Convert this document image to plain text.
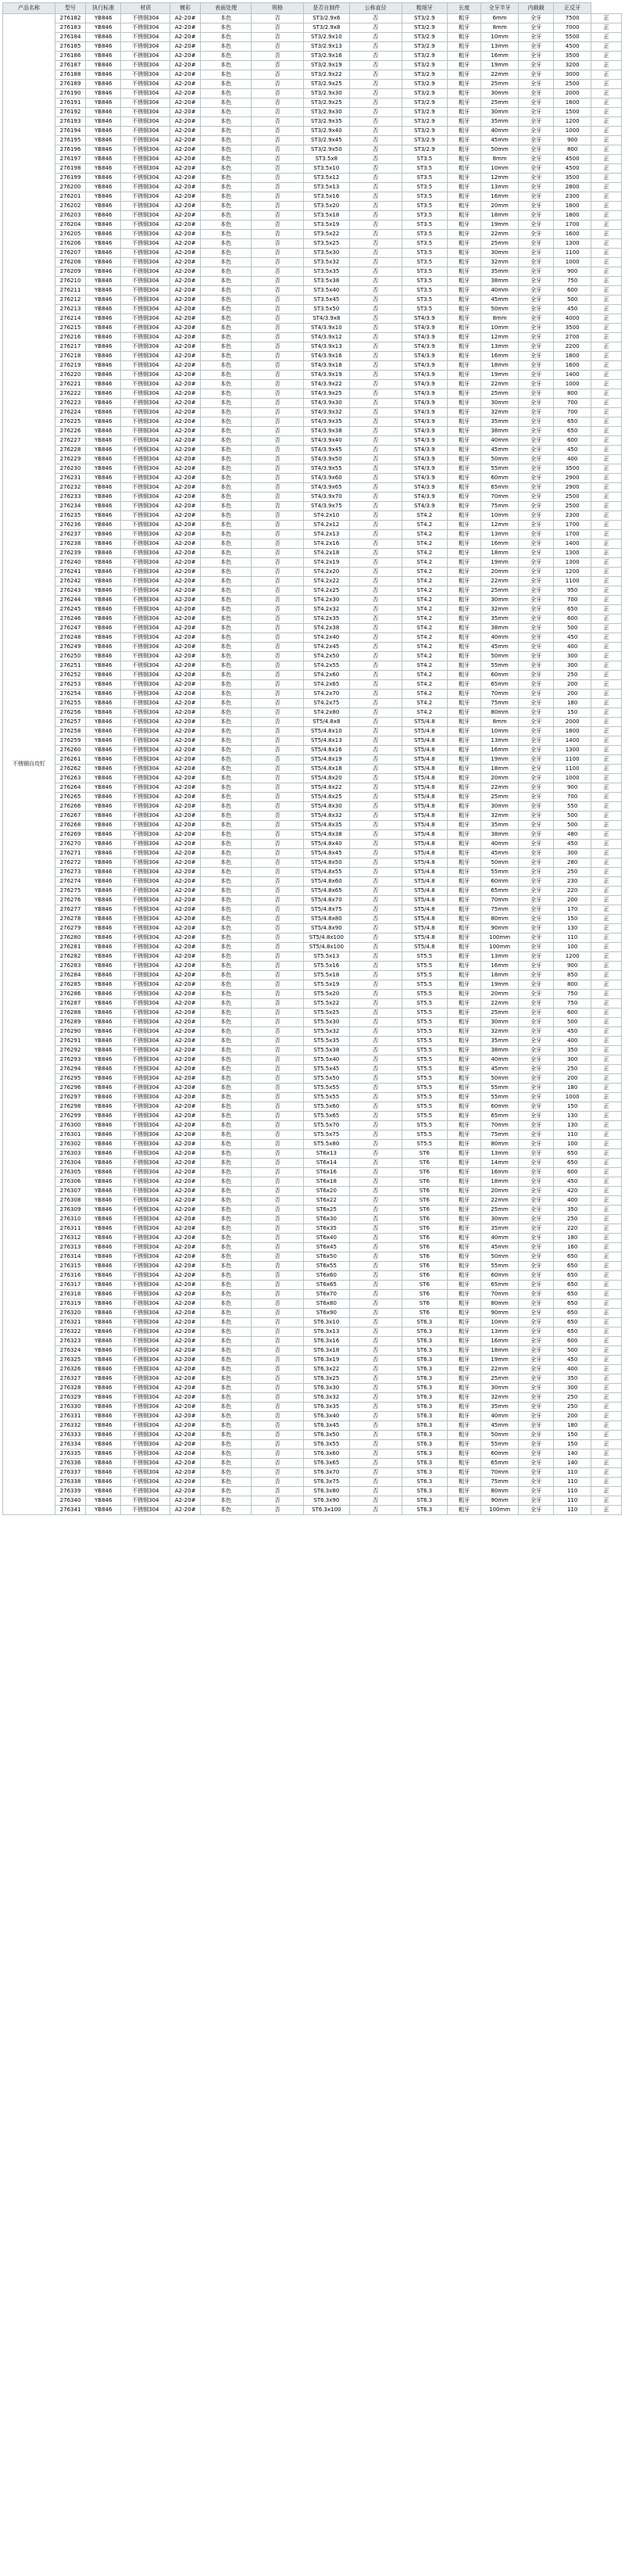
产品名称	型号	执行标准	材质	镀彩	表面处理	规格	是否自制件	公称直径	粗细牙	长度	全牙半牙	内载载	正反牙	
不锈钢自攻钉	276182	YB846	不锈钢304	A2-20#	本色	否	ST3/2.9x6	否	ST3/2.9	粗牙	6mm	全牙	7500	正
	276183	YB846	不锈钢304	A2-20#	本色	否	ST3/2.9x8	否	ST3/2.9	粗牙	8mm	全牙	7000	正
	276184	YB846	不锈钢304	A2-20#	本色	否	ST3/2.9x10	否	ST3/2.9	粗牙	10mm	全牙	5500	正
	276185	YB846	不锈钢304	A2-20#	本色	否	ST3/2.9x13	否	ST3/2.9	粗牙	13mm	全牙	4500	正
	276186	YB846	不锈钢304	A2-20#	本色	否	ST3/2.9x16	否	ST3/2.9	粗牙	16mm	全牙	3500	正
	276187	YB846	不锈钢304	A2-20#	本色	否	ST3/2.9x19	否	ST3/2.9	粗牙	19mm	全牙	3200	正
	276188	YB846	不锈钢304	A2-20#	本色	否	ST3/2.9x22	否	ST3/2.9	粗牙	22mm	全牙	3000	正
	276189	YB846	不锈钢304	A2-20#	本色	否	ST3/2.9x25	否	ST3/2.9	粗牙	25mm	全牙	2500	正
	276190	YB846	不锈钢304	A2-20#	本色	否	ST3/2.9x30	否	ST3/2.9	粗牙	30mm	全牙	2000	正
	276191	YB846	不锈钢304	A2-20#	本色	否	ST3/2.9x25	否	ST3/2.9	粗牙	25mm	全牙	1600	正
	276192	YB846	不锈钢304	A2-20#	本色	否	ST3/2.9x30	否	ST3/2.9	粗牙	30mm	全牙	1500	正
	276193	YB846	不锈钢304	A2-20#	本色	否	ST3/2.9x35	否	ST3/2.9	粗牙	35mm	全牙	1200	正
	276194	YB846	不锈钢304	A2-20#	本色	否	ST3/2.9x40	否	ST3/2.9	粗牙	40mm	全牙	1000	正
	276195	YB846	不锈钢304	A2-20#	本色	否	ST3/2.9x45	否	ST3/2.9	粗牙	45mm	全牙	900	正
	276196	YB846	不锈钢304	A2-20#	本色	否	ST3/2.9x50	否	ST3/2.9	粗牙	50mm	全牙	800	正
	276197	YB846	不锈钢304	A2-20#	本色	否	ST3.5x8	否	ST3.5	粗牙	8mm	全牙	4500	正
	276198	YB846	不锈钢304	A2-20#	本色	否	ST3.5x10	否	ST3.5	粗牙	10mm	全牙	4500	正
	276199	YB846	不锈钢304	A2-20#	本色	否	ST3.5x12	否	ST3.5	粗牙	12mm	全牙	3500	正
	276200	YB846	不锈钢304	A2-20#	本色	否	ST3.5x13	否	ST3.5	粗牙	13mm	全牙	2800	正
	276201	YB846	不锈钢304	A2-20#	本色	否	ST3.5x16	否	ST3.5	粗牙	16mm	全牙	2300	正
	276202	YB846	不锈钢304	A2-20#	本色	否	ST3.5x20	否	ST3.5	粗牙	20mm	全牙	1800	正
	276203	YB846	不锈钢304	A2-20#	本色	否	ST3.5x18	否	ST3.5	粗牙	18mm	全牙	1800	正
	276204	YB846	不锈钢304	A2-20#	本色	否	ST3.5x19	否	ST3.5	粗牙	19mm	全牙	1700	正
	276205	YB846	不锈钢304	A2-20#	本色	否	ST3.5x22	否	ST3.5	粗牙	22mm	全牙	1600	正
	276206	YB846	不锈钢304	A2-20#	本色	否	ST3.5x25	否	ST3.5	粗牙	25mm	全牙	1300	正
	276207	YB846	不锈钢304	A2-20#	本色	否	ST3.5x30	否	ST3.5	粗牙	30mm	全牙	1100	正
	276208	YB846	不锈钢304	A2-20#	本色	否	ST3.5x32	否	ST3.5	粗牙	32mm	全牙	1000	正
	276209	YB846	不锈钢304	A2-20#	本色	否	ST3.5x35	否	ST3.5	粗牙	35mm	全牙	900	正
	276210	YB846	不锈钢304	A2-20#	本色	否	ST3.5x38	否	ST3.5	粗牙	38mm	全牙	750	正
	276211	YB846	不锈钢304	A2-20#	本色	否	ST3.5x40	否	ST3.5	粗牙	40mm	全牙	600	正
	276212	YB846	不锈钢304	A2-20#	本色	否	ST3.5x45	否	ST3.5	粗牙	45mm	全牙	500	正
	276213	YB846	不锈钢304	A2-20#	本色	否	ST3.5x50	否	ST3.5	粗牙	50mm	全牙	450	正
	276214	YB846	不锈钢304	A2-20#	本色	否	ST4/3.9x8	否	ST4/3.9	粗牙	8mm	全牙	4000	正
	276215	YB846	不锈钢304	A2-20#	本色	否	ST4/3.9x10	否	ST4/3.9	粗牙	10mm	全牙	3500	正
	276216	YB846	不锈钢304	A2-20#	本色	否	ST4/3.9x12	否	ST4/3.9	粗牙	12mm	全牙	2700	正
	276217	YB846	不锈钢304	A2-20#	本色	否	ST4/3.9x13	否	ST4/3.9	粗牙	13mm	全牙	2200	正
	276218	YB846	不锈钢304	A2-20#	本色	否	ST4/3.9x16	否	ST4/3.9	粗牙	16mm	全牙	1800	正
	276219	YB846	不锈钢304	A2-20#	本色	否	ST4/3.9x18	否	ST4/3.9	粗牙	18mm	全牙	1600	正
	276220	YB846	不锈钢304	A2-20#	本色	否	ST4/3.9x19	否	ST4/3.9	粗牙	19mm	全牙	1400	正
	276221	YB846	不锈钢304	A2-20#	本色	否	ST4/3.9x22	否	ST4/3.9	粗牙	22mm	全牙	1000	正
	276222	YB846	不锈钢304	A2-20#	本色	否	ST4/3.9x25	否	ST4/3.9	粗牙	25mm	全牙	800	正
	276223	YB846	不锈钢304	A2-20#	本色	否	ST4/3.9x30	否	ST4/3.9	粗牙	30mm	全牙	700	正
	276224	YB846	不锈钢304	A2-20#	本色	否	ST4/3.9x32	否	ST4/3.9	粗牙	32mm	全牙	700	正
	276225	YB846	不锈钢304	A2-20#	本色	否	ST4/3.9x35	否	ST4/3.9	粗牙	35mm	全牙	650	正
	276226	YB846	不锈钢304	A2-20#	本色	否	ST4/3.9x38	否	ST4/3.9	粗牙	38mm	全牙	650	正
	276227	YB846	不锈钢304	A2-20#	本色	否	ST4/3.9x40	否	ST4/3.9	粗牙	40mm	全牙	600	正
	276228	YB846	不锈钢304	A2-20#	本色	否	ST4/3.9x45	否	ST4/3.9	粗牙	45mm	全牙	450	正
	276229	YB846	不锈钢304	A2-20#	本色	否	ST4/3.9x50	否	ST4/3.9	粗牙	50mm	全牙	400	正
	276230	YB846	不锈钢304	A2-20#	本色	否	ST4/3.9x55	否	ST4/3.9	粗牙	55mm	全牙	3500	正
	276231	YB846	不锈钢304	A2-20#	本色	否	ST4/3.9x60	否	ST4/3.9	粗牙	60mm	全牙	2900	正
	276232	YB846	不锈钢304	A2-20#	本色	否	ST4/3.9x65	否	ST4/3.9	粗牙	65mm	全牙	2900	正
	276233	YB846	不锈钢304	A2-20#	本色	否	ST4/3.9x70	否	ST4/3.9	粗牙	70mm	全牙	2500	正
	276234	YB846	不锈钢304	A2-20#	本色	否	ST4/3.9x75	否	ST4/3.9	粗牙	75mm	全牙	2500	正
	276235	YB846	不锈钢304	A2-20#	本色	否	ST4.2x10	否	ST4.2	粗牙	10mm	全牙	2300	正
	276236	YB846	不锈钢304	A2-20#	本色	否	ST4.2x12	否	ST4.2	粗牙	12mm	全牙	1700	正
	276237	YB846	不锈钢304	A2-20#	本色	否	ST4.2x13	否	ST4.2	粗牙	13mm	全牙	1700	正
	276238	YB846	不锈钢304	A2-20#	本色	否	ST4.2x16	否	ST4.2	粗牙	16mm	全牙	1400	正
	276239	YB846	不锈钢304	A2-20#	本色	否	ST4.2x18	否	ST4.2	粗牙	18mm	全牙	1300	正
	276240	YB846	不锈钢304	A2-20#	本色	否	ST4.2x19	否	ST4.2	粗牙	19mm	全牙	1300	正
	276241	YB846	不锈钢304	A2-20#	本色	否	ST4.2x20	否	ST4.2	粗牙	20mm	全牙	1200	正
	276242	YB846	不锈钢304	A2-20#	本色	否	ST4.2x22	否	ST4.2	粗牙	22mm	全牙	1100	正
	276243	YB846	不锈钢304	A2-20#	本色	否	ST4.2x25	否	ST4.2	粗牙	25mm	全牙	950	正
	276244	YB846	不锈钢304	A2-20#	本色	否	ST4.2x30	否	ST4.2	粗牙	30mm	全牙	700	正
	276245	YB846	不锈钢304	A2-20#	本色	否	ST4.2x32	否	ST4.2	粗牙	32mm	全牙	650	正
	276246	YB846	不锈钢304	A2-20#	本色	否	ST4.2x35	否	ST4.2	粗牙	35mm	全牙	600	正
	276247	YB846	不锈钢304	A2-20#	本色	否	ST4.2x38	否	ST4.2	粗牙	38mm	全牙	500	正
	276248	YB846	不锈钢304	A2-20#	本色	否	ST4.2x40	否	ST4.2	粗牙	40mm	全牙	450	正
	276249	YB846	不锈钢304	A2-20#	本色	否	ST4.2x45	否	ST4.2	粗牙	45mm	全牙	400	正
	276250	YB846	不锈钢304	A2-20#	本色	否	ST4.2x50	否	ST4.2	粗牙	50mm	全牙	300	正
	276251	YB846	不锈钢304	A2-20#	本色	否	ST4.2x55	否	ST4.2	粗牙	55mm	全牙	300	正
	276252	YB846	不锈钢304	A2-20#	本色	否	ST4.2x60	否	ST4.2	粗牙	60mm	全牙	250	正
	276253	YB846	不锈钢304	A2-20#	本色	否	ST4.2x65	否	ST4.2	粗牙	65mm	全牙	200	正
	276254	YB846	不锈钢304	A2-20#	本色	否	ST4.2x70	否	ST4.2	粗牙	70mm	全牙	200	正
	276255	YB846	不锈钢304	A2-20#	本色	否	ST4.2x75	否	ST4.2	粗牙	75mm	全牙	180	正
	276256	YB846	不锈钢304	A2-20#	本色	否	ST4.2x80	否	ST4.2	粗牙	80mm	全牙	150	正
	276257	YB846	不锈钢304	A2-20#	本色	否	ST5/4.8x8	否	ST5/4.8	粗牙	8mm	全牙	2000	正
	276258	YB846	不锈钢304	A2-20#	本色	否	ST5/4.8x10	否	ST5/4.8	粗牙	10mm	全牙	1800	正
	276259	YB846	不锈钢304	A2-20#	本色	否	ST5/4.8x13	否	ST5/4.8	粗牙	13mm	全牙	1400	正
	276260	YB846	不锈钢304	A2-20#	本色	否	ST5/4.8x16	否	ST5/4.8	粗牙	16mm	全牙	1300	正
	276261	YB846	不锈钢304	A2-20#	本色	否	ST5/4.8x19	否	ST5/4.8	粗牙	19mm	全牙	1100	正
	276262	YB846	不锈钢304	A2-20#	本色	否	ST5/4.8x18	否	ST5/4.8	粗牙	18mm	全牙	1100	正
	276263	YB846	不锈钢304	A2-20#	本色	否	ST5/4.8x20	否	ST5/4.8	粗牙	20mm	全牙	1000	正
	276264	YB846	不锈钢304	A2-20#	本色	否	ST5/4.8x22	否	ST5/4.8	粗牙	22mm	全牙	900	正
	276265	YB846	不锈钢304	A2-20#	本色	否	ST5/4.8x25	否	ST5/4.8	粗牙	25mm	全牙	700	正
	276266	YB846	不锈钢304	A2-20#	本色	否	ST5/4.8x30	否	ST5/4.8	粗牙	30mm	全牙	550	正
	276267	YB846	不锈钢304	A2-20#	本色	否	ST5/4.8x32	否	ST5/4.8	粗牙	32mm	全牙	500	正
	276268	YB846	不锈钢304	A2-20#	本色	否	ST5/4.8x35	否	ST5/4.8	粗牙	35mm	全牙	500	正
	276269	YB846	不锈钢304	A2-20#	本色	否	ST5/4.8x38	否	ST5/4.8	粗牙	38mm	全牙	480	正
	276270	YB846	不锈钢304	A2-20#	本色	否	ST5/4.8x40	否	ST5/4.8	粗牙	40mm	全牙	450	正
	276271	YB846	不锈钢304	A2-20#	本色	否	ST5/4.8x45	否	ST5/4.8	粗牙	45mm	全牙	300	正
	276272	YB846	不锈钢304	A2-20#	本色	否	ST5/4.8x50	否	ST5/4.8	粗牙	50mm	全牙	280	正
	276273	YB846	不锈钢304	A2-20#	本色	否	ST5/4.8x55	否	ST5/4.8	粗牙	55mm	全牙	250	正
	276274	YB846	不锈钢304	A2-20#	本色	否	ST5/4.8x60	否	ST5/4.8	粗牙	60mm	全牙	230	正
	276275	YB846	不锈钢304	A2-20#	本色	否	ST5/4.8x65	否	ST5/4.8	粗牙	65mm	全牙	220	正
	276276	YB846	不锈钢304	A2-20#	本色	否	ST5/4.8x70	否	ST5/4.8	粗牙	70mm	全牙	200	正
	276277	YB846	不锈钢304	A2-20#	本色	否	ST5/4.8x75	否	ST5/4.8	粗牙	75mm	全牙	170	正
	276278	YB846	不锈钢304	A2-20#	本色	否	ST5/4.8x80	否	ST5/4.8	粗牙	80mm	全牙	150	正
	276279	YB846	不锈钢304	A2-20#	本色	否	ST5/4.8x90	否	ST5/4.8	粗牙	90mm	全牙	130	正
	276280	YB846	不锈钢304	A2-20#	本色	否	ST5/4.8x100	否	ST5/4.8	粗牙	100mm	全牙	110	正
	276281	YB846	不锈钢304	A2-20#	本色	否	ST5/4.8x100	否	ST5/4.8	粗牙	100mm	全牙	100	正
	276282	YB846	不锈钢304	A2-20#	本色	否	ST5.5x13	否	ST5.5	粗牙	13mm	全牙	1200	正
	276283	YB846	不锈钢304	A2-20#	本色	否	ST5.5x16	否	ST5.5	粗牙	16mm	全牙	900	正
	276284	YB846	不锈钢304	A2-20#	本色	否	ST5.5x18	否	ST5.5	粗牙	18mm	全牙	850	正
	276285	YB846	不锈钢304	A2-20#	本色	否	ST5.5x19	否	ST5.5	粗牙	19mm	全牙	800	正
	276286	YB846	不锈钢304	A2-20#	本色	否	ST5.5x20	否	ST5.5	粗牙	20mm	全牙	750	正
	276287	YB846	不锈钢304	A2-20#	本色	否	ST5.5x22	否	ST5.5	粗牙	22mm	全牙	750	正
	276288	YB846	不锈钢304	A2-20#	本色	否	ST5.5x25	否	ST5.5	粗牙	25mm	全牙	600	正
	276289	YB846	不锈钢304	A2-20#	本色	否	ST5.5x30	否	ST5.5	粗牙	30mm	全牙	500	正
	276290	YB846	不锈钢304	A2-20#	本色	否	ST5.5x32	否	ST5.5	粗牙	32mm	全牙	450	正
	276291	YB846	不锈钢304	A2-20#	本色	否	ST5.5x35	否	ST5.5	粗牙	35mm	全牙	400	正
	276292	YB846	不锈钢304	A2-20#	本色	否	ST5.5x38	否	ST5.5	粗牙	38mm	全牙	350	正
	276293	YB846	不锈钢304	A2-20#	本色	否	ST5.5x40	否	ST5.5	粗牙	40mm	全牙	300	正
	276294	YB846	不锈钢304	A2-20#	本色	否	ST5.5x45	否	ST5.5	粗牙	45mm	全牙	250	正
	276295	YB846	不锈钢304	A2-20#	本色	否	ST5.5x50	否	ST5.5	粗牙	50mm	全牙	200	正
	276296	YB846	不锈钢304	A2-20#	本色	否	ST5.5x55	否	ST5.5	粗牙	55mm	全牙	180	正
	276297	YB846	不锈钢304	A2-20#	本色	否	ST5.5x55	否	ST5.5	粗牙	55mm	全牙	1000	正
	276298	YB846	不锈钢304	A2-20#	本色	否	ST5.5x60	否	ST5.5	粗牙	60mm	全牙	150	正
	276299	YB846	不锈钢304	A2-20#	本色	否	ST5.5x65	否	ST5.5	粗牙	65mm	全牙	130	正
	276300	YB846	不锈钢304	A2-20#	本色	否	ST5.5x70	否	ST5.5	粗牙	70mm	全牙	130	正
	276301	YB846	不锈钢304	A2-20#	本色	否	ST5.5x75	否	ST5.5	粗牙	75mm	全牙	110	正
	276302	YB846	不锈钢304	A2-20#	本色	否	ST5.5x80	否	ST5.5	粗牙	80mm	全牙	100	正
	276303	YB846	不锈钢304	A2-20#	本色	否	ST6x13	否	ST6	粗牙	13mm	全牙	650	正
	276304	YB846	不锈钢304	A2-20#	本色	否	ST6x14	否	ST6	粗牙	14mm	全牙	650	正
	276305	YB846	不锈钢304	A2-20#	本色	否	ST6x16	否	ST6	粗牙	16mm	全牙	600	正
	276306	YB846	不锈钢304	A2-20#	本色	否	ST6x18	否	ST6	粗牙	18mm	全牙	450	正
	276307	YB846	不锈钢304	A2-20#	本色	否	ST6x20	否	ST6	粗牙	20mm	全牙	420	正
	276308	YB846	不锈钢304	A2-20#	本色	否	ST6x22	否	ST6	粗牙	22mm	全牙	400	正
	276309	YB846	不锈钢304	A2-20#	本色	否	ST6x25	否	ST6	粗牙	25mm	全牙	350	正
	276310	YB846	不锈钢304	A2-20#	本色	否	ST6x30	否	ST6	粗牙	30mm	全牙	250	正
	276311	YB846	不锈钢304	A2-20#	本色	否	ST6x35	否	ST6	粗牙	35mm	全牙	220	正
	276312	YB846	不锈钢304	A2-20#	本色	否	ST6x40	否	ST6	粗牙	40mm	全牙	180	正
	276313	YB846	不锈钢304	A2-20#	本色	否	ST6x45	否	ST6	粗牙	45mm	全牙	160	正
	276314	YB846	不锈钢304	A2-20#	本色	否	ST6x50	否	ST6	粗牙	50mm	全牙	650	正
	276315	YB846	不锈钢304	A2-20#	本色	否	ST6x55	否	ST6	粗牙	55mm	全牙	650	正
	276316	YB846	不锈钢304	A2-20#	本色	否	ST6x60	否	ST6	粗牙	60mm	全牙	650	正
	276317	YB846	不锈钢304	A2-20#	本色	否	ST6x65	否	ST6	粗牙	65mm	全牙	650	正
	276318	YB846	不锈钢304	A2-20#	本色	否	ST6x70	否	ST6	粗牙	70mm	全牙	650	正
	276319	YB846	不锈钢304	A2-20#	本色	否	ST6x80	否	ST6	粗牙	80mm	全牙	650	正
	276320	YB846	不锈钢304	A2-20#	本色	否	ST6x90	否	ST6	粗牙	90mm	全牙	650	正
	276321	YB846	不锈钢304	A2-20#	本色	否	ST6.3x10	否	ST6.3	粗牙	10mm	全牙	650	正
	276322	YB846	不锈钢304	A2-20#	本色	否	ST6.3x13	否	ST6.3	粗牙	13mm	全牙	650	正
	276323	YB846	不锈钢304	A2-20#	本色	否	ST6.3x16	否	ST6.3	粗牙	16mm	全牙	600	正
	276324	YB846	不锈钢304	A2-20#	本色	否	ST6.3x18	否	ST6.3	粗牙	18mm	全牙	500	正
	276325	YB846	不锈钢304	A2-20#	本色	否	ST6.3x19	否	ST6.3	粗牙	19mm	全牙	450	正
	276326	YB846	不锈钢304	A2-20#	本色	否	ST6.3x22	否	ST6.3	粗牙	22mm	全牙	400	正
	276327	YB846	不锈钢304	A2-20#	本色	否	ST6.3x25	否	ST6.3	粗牙	25mm	全牙	350	正
	276328	YB846	不锈钢304	A2-20#	本色	否	ST6.3x30	否	ST6.3	粗牙	30mm	全牙	300	正
	276329	YB846	不锈钢304	A2-20#	本色	否	ST6.3x32	否	ST6.3	粗牙	32mm	全牙	250	正
	276330	YB846	不锈钢304	A2-20#	本色	否	ST6.3x35	否	ST6.3	粗牙	35mm	全牙	250	正
	276331	YB846	不锈钢304	A2-20#	本色	否	ST6.3x40	否	ST6.3	粗牙	40mm	全牙	200	正
	276332	YB846	不锈钢304	A2-20#	本色	否	ST6.3x45	否	ST6.3	粗牙	45mm	全牙	180	正
	276333	YB846	不锈钢304	A2-20#	本色	否	ST6.3x50	否	ST6.3	粗牙	50mm	全牙	150	正
	276334	YB846	不锈钢304	A2-20#	本色	否	ST6.3x55	否	ST6.3	粗牙	55mm	全牙	150	正
	276335	YB846	不锈钢304	A2-20#	本色	否	ST6.3x60	否	ST6.3	粗牙	60mm	全牙	140	正
	276336	YB846	不锈钢304	A2-20#	本色	否	ST6.3x65	否	ST6.3	粗牙	65mm	全牙	140	正
	276337	YB846	不锈钢304	A2-20#	本色	否	ST6.3x70	否	ST6.3	粗牙	70mm	全牙	110	正
	276338	YB846	不锈钢304	A2-20#	本色	否	ST6.3x75	否	ST6.3	粗牙	75mm	全牙	110	正
	276339	YB846	不锈钢304	A2-20#	本色	否	ST6.3x80	否	ST6.3	粗牙	80mm	全牙	110	正
	276340	YB846	不锈钢304	A2-20#	本色	否	ST6.3x90	否	ST6.3	粗牙	90mm	全牙	110	正
	276341	YB846	不锈钢304	A2-20#	本色	否	ST6.3x100	否	ST6.3	粗牙	100mm	全牙	110	正
